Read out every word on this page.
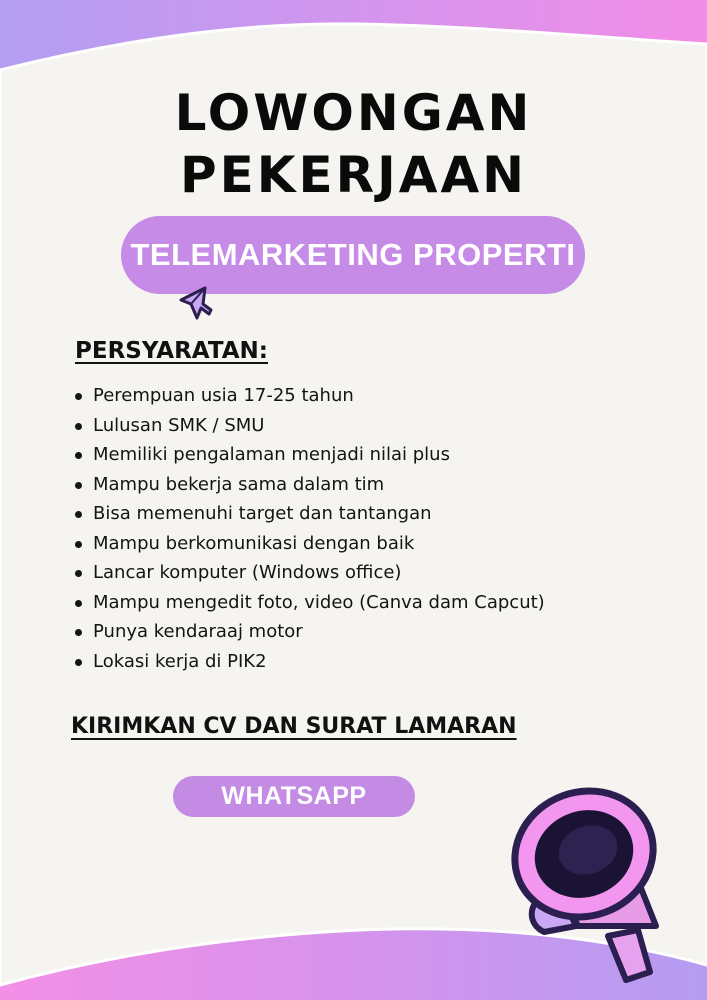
LOWONGAN
PEKERJAAN
TELEMARKETING PROPERTI
PERSYARATAN:
Perempuan usia 17-25 tahun
Lulusan SMK / SMU
Memiliki pengalaman menjadi nilai plus
Mampu bekerja sama dalam tim
Bisa memenuhi target dan tantangan
Mampu berkomunikasi dengan baik
Lancar komputer (Windows office)
Mampu mengedit foto, video (Canva dam Capcut)
Punya kendaraaj motor
Lokasi kerja di PIK2
KIRIMKAN CV DAN SURAT LAMARAN
WHATSAPP
